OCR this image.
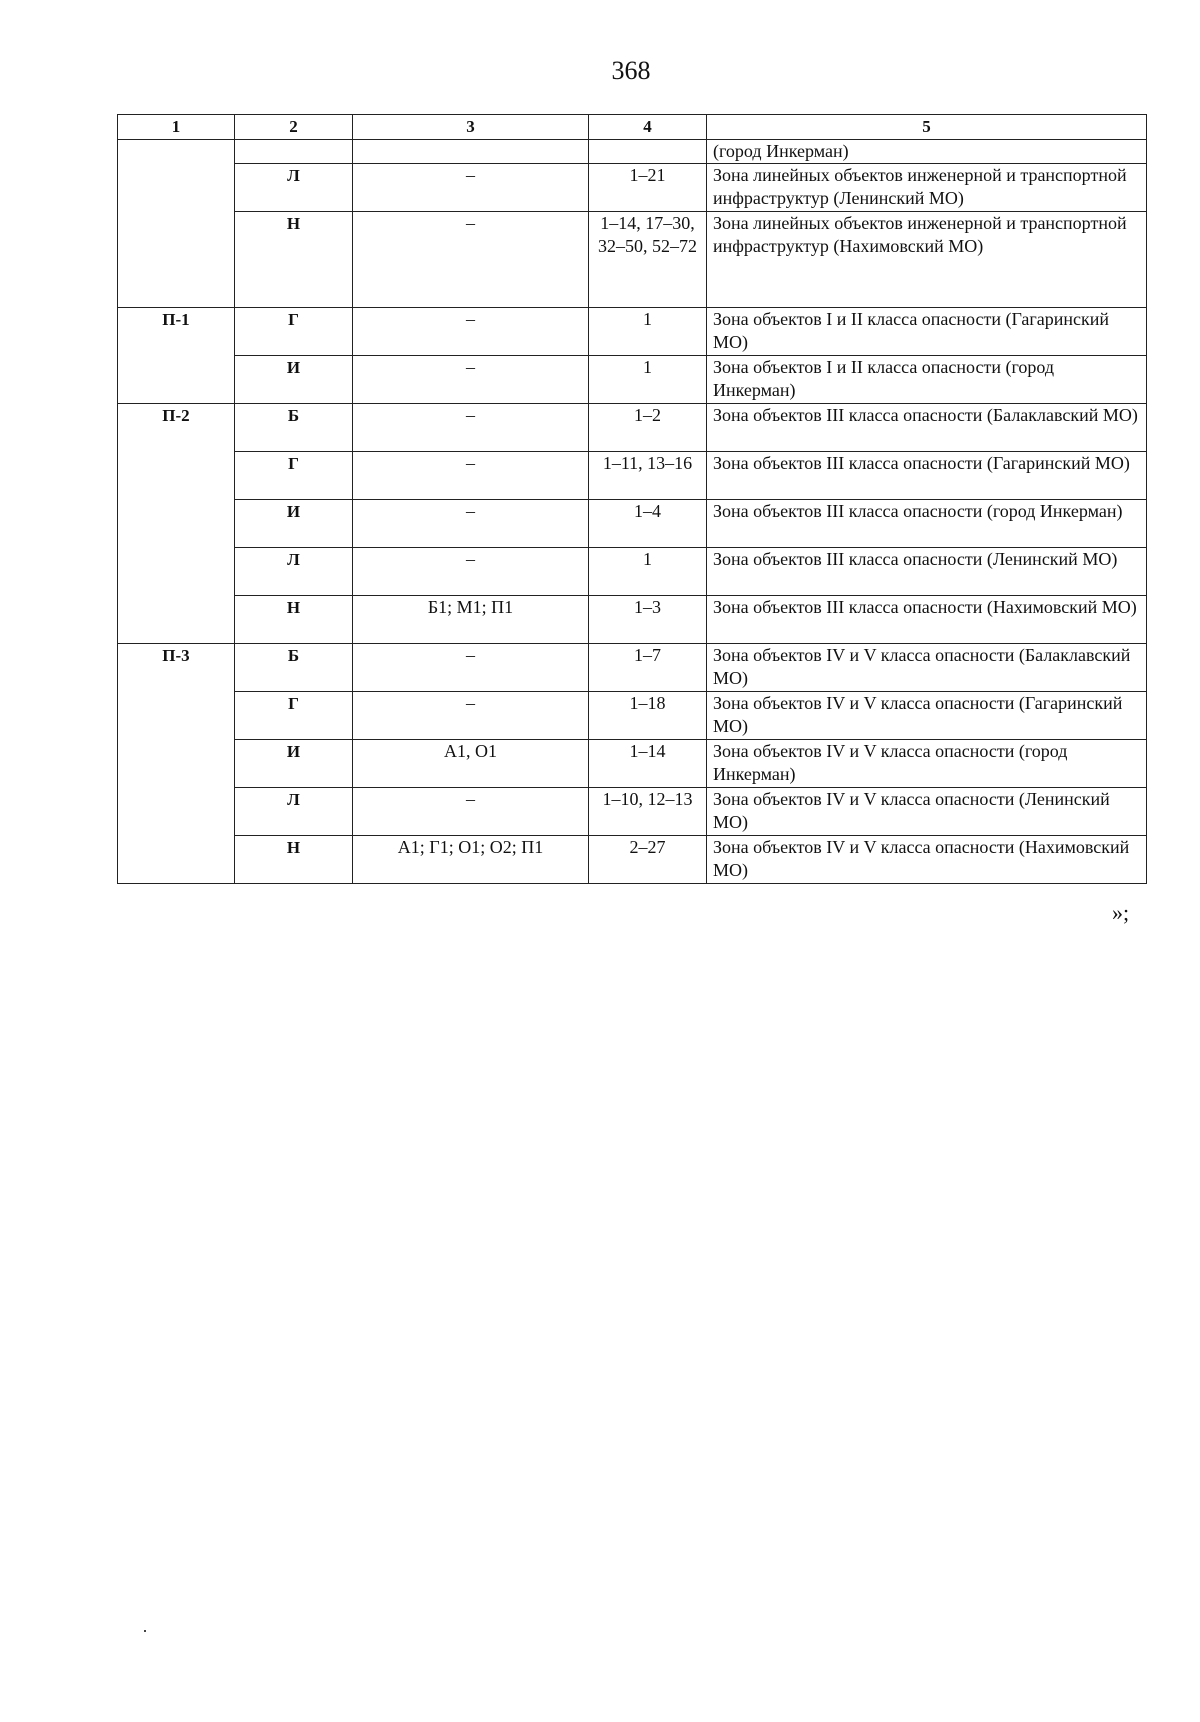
368
1	2	3	4	5
				(город Инкерман)
	Л	–	1–21	Зона линейных объектов инженерной и транспортной инфраструктур (Ленинский МО)
	Н	–	1–14, 17–30, 32–50, 52–72	Зона линейных объектов инженерной и транспортной инфраструктур (Нахимовский МО)
П-1	Г	–	1	Зона объектов I и II класса опасности (Гагаринский МО)
	И	–	1	Зона объектов I и II класса опасности (город Инкерман)
П-2	Б	–	1–2	Зона объектов III класса опасности (Балаклавский МО)
	Г	–	1–11, 13–16	Зона объектов III класса опасности (Гагаринский МО)
	И	–	1–4	Зона объектов III класса опасности (город Инкерман)
	Л	–	1	Зона объектов III класса опасности (Ленинский МО)
	Н	Б1; М1; П1	1–3	Зона объектов III класса опасности (Нахимовский МО)
П-3	Б	–	1–7	Зона объектов IV и V класса опасности (Балаклавский МО)
	Г	–	1–18	Зона объектов IV и V класса опасности (Гагаринский МО)
	И	А1, О1	1–14	Зона объектов IV и V класса опасности (город Инкерман)
	Л	–	1–10, 12–13	Зона объектов IV и V класса опасности (Ленинский МО)
	Н	А1; Г1; О1; О2; П1	2–27	Зона объектов IV и V класса опасности (Нахимовский МО)
»;
